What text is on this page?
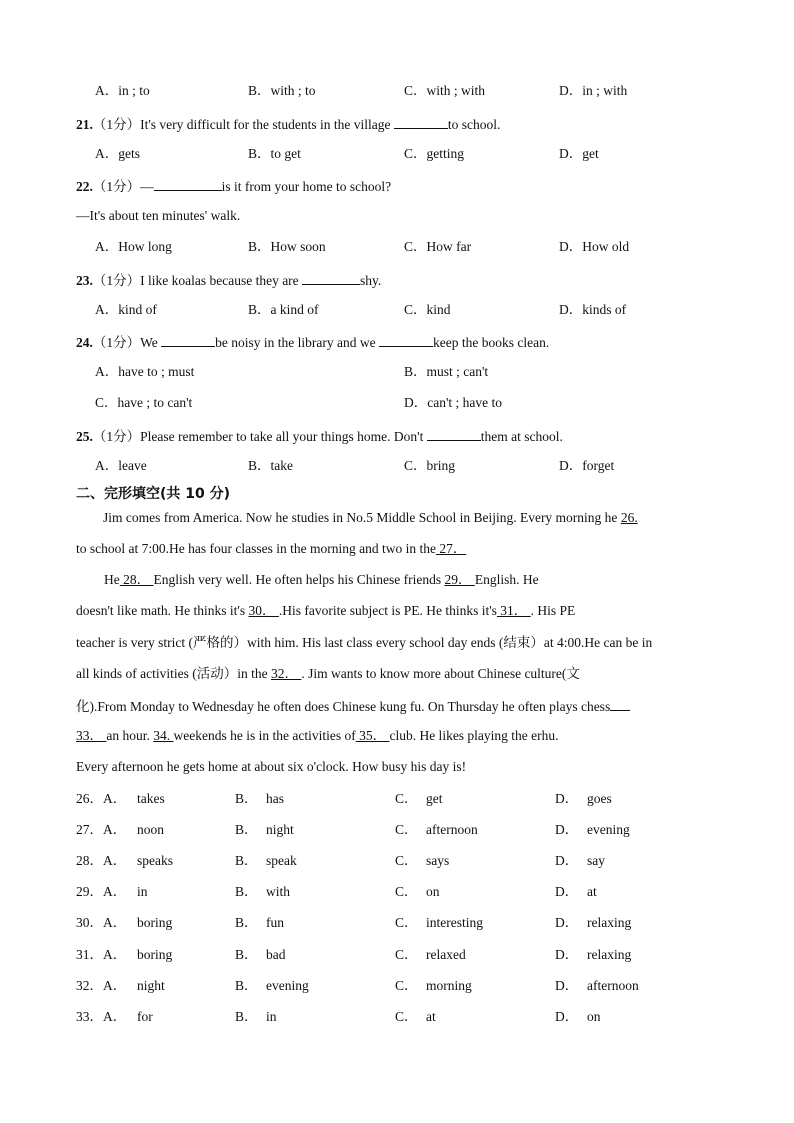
A．in ; to	B．with ; to	C．with ; with	D．in ; with
21.（1分）It's very difficult for the students in the village	to school.
A．gets	B．to get	C．getting	D．get
22.（1分）—	is it from your home to school?
—It's about ten minutes' walk.
A．How long	B．How soon	C．How far	D．How old
23.（1分）I like koalas because they are	shy.
A．kind of	B．a kind of	C．kind	D．kinds of
24.（1分）We	be noisy in the library and we	keep the books clean.
A．have to ; must	B．must ; can't
C．have ; to can't	D．can't ; have to
25.（1分）Please remember to take all your things home. Don't	them at school.
A．leave	B．take	C．bring	D．forget
二、完形填空(共 10 分)
Jim comes from America. Now he studies in No.5 Middle School in Beijing. Every morning he 26.
to school at 7:00.He has four classes in the morning and two in the 27．
He 28． English very well. He often helps his Chinese friends 29． English. He
doesn't like math. He thinks it's 30． .His favorite subject is PE. He thinks it's 31． . His PE
teacher is very strict (严格的）with him. His last class every school day ends (结束）at 4:00.He can be in
all kinds of activities (活动）in the 32． . Jim wants to know more about Chinese culture(文
化).From Monday to Wednesday he often does Chinese kung fu. On Thursday he often plays chess
33． an hour. 34. weekends he is in the activities of 35． club. He likes playing the erhu.
Every afternoon he gets home at about six o'clock. How busy his day is!
26．A． takes	B． has	C． get	D． goes
27．A． noon	B． night	C． afternoon	D． evening
28．A． speaks	B． speak	C． says	D． say
29．A． in	B． with	C． on	D． at
30．A． boring	B． fun	C． interesting	D． relaxing
31．A． boring	B． bad	C． relaxed	D． relaxing
32．A． night	B． evening	C． morning	D． afternoon
33．A． for	B． in	C． at	D． on
